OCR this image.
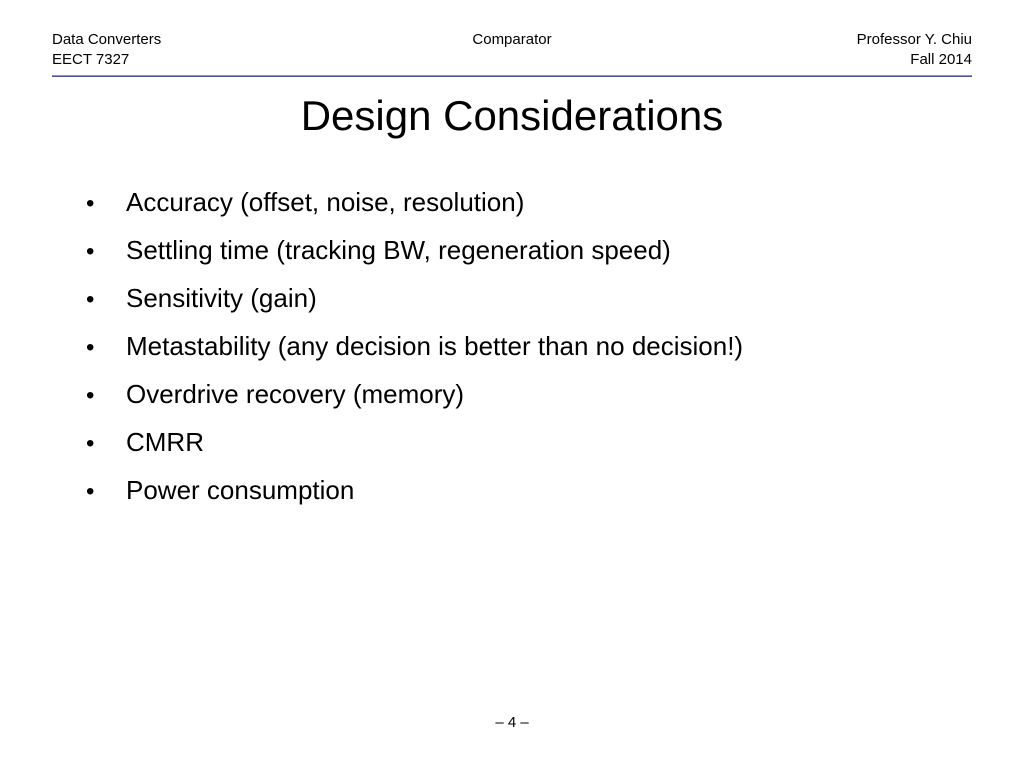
Data Converters
EECT 7327
Comparator	Professor Y. Chiu
Fall 2014
Design Considerations
•	Accuracy (offset, noise, resolution)
•	Settling time (tracking BW, regeneration speed)
•	Sensitivity (gain)
•	Metastability (any decision is better than no decision!)
•	Overdrive recovery (memory)
•	CMRR
•	Power consumption
– 4 –
